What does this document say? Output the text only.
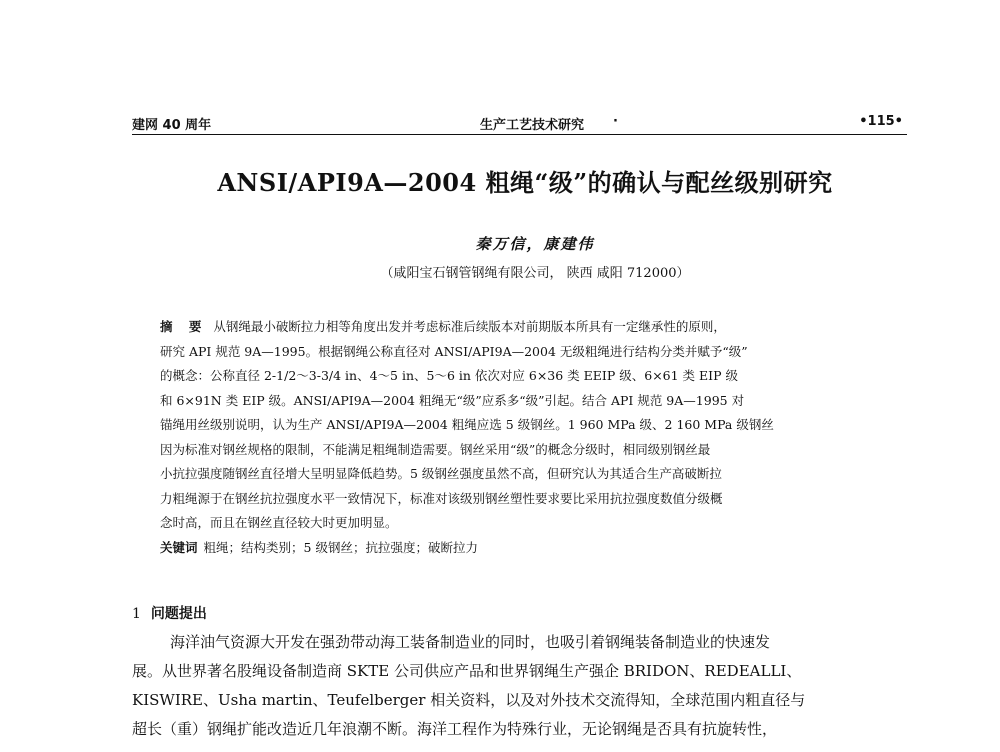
建网 40 周年	生产工艺技术研究 ·	•115•
ANSI/API9A—2004 粗绳“级”的确认与配丝级别研究
秦万信，康建伟
（咸阳宝石钢管钢绳有限公司， 陕西 咸阳 712000）
摘 要 从钢绳最小破断拉力相等角度出发并考虑标准后续版本对前期版本所具有一定继承性的原则，
研究 API 规范 9A—1995。根据钢绳公称直径对 ANSI/API9A—2004 无级粗绳进行结构分类并赋予“级”
的概念：公称直径 2-1/2～3-3/4 in、4～5 in、5～6 in 依次对应 6×36 类 EEIP 级、6×61 类 EIP 级
和 6×91N 类 EIP 级。ANSI/API9A—2004 粗绳无“级”应系多“级”引起。结合 API 规范 9A—1995 对
锚绳用丝级别说明，认为生产 ANSI/API9A—2004 粗绳应选 5 级钢丝。1 960 MPa 级、2 160 MPa 级钢丝
因为标准对钢丝规格的限制，不能满足粗绳制造需要。钢丝采用“级”的概念分级时，相同级别钢丝最
小抗拉强度随钢丝直径增大呈明显降低趋势。5 级钢丝强度虽然不高，但研究认为其适合生产高破断拉
力粗绳源于在钢丝抗拉强度水平一致情况下，标准对该级别钢丝塑性要求要比采用抗拉强度数值分级概
念时高，而且在钢丝直径较大时更加明显。
关键词 粗绳；结构类别；5 级钢丝；抗拉强度；破断拉力
1 问题提出
海洋油气资源大开发在强劲带动海工装备制造业的同时，也吸引着钢绳装备制造业的快速发
展。从世界著名股绳设备制造商 SKTE 公司供应产品和世界钢绳生产强企 BRIDON、REDEALLI、
KISWIRE、Usha martin、Teufelberger 相关资料，以及对外技术交流得知，全球范围内粗直径与
超长（重）钢绳扩能改造近几年浪潮不断。海洋工程作为特殊行业，无论钢绳是否具有抗旋转性，
